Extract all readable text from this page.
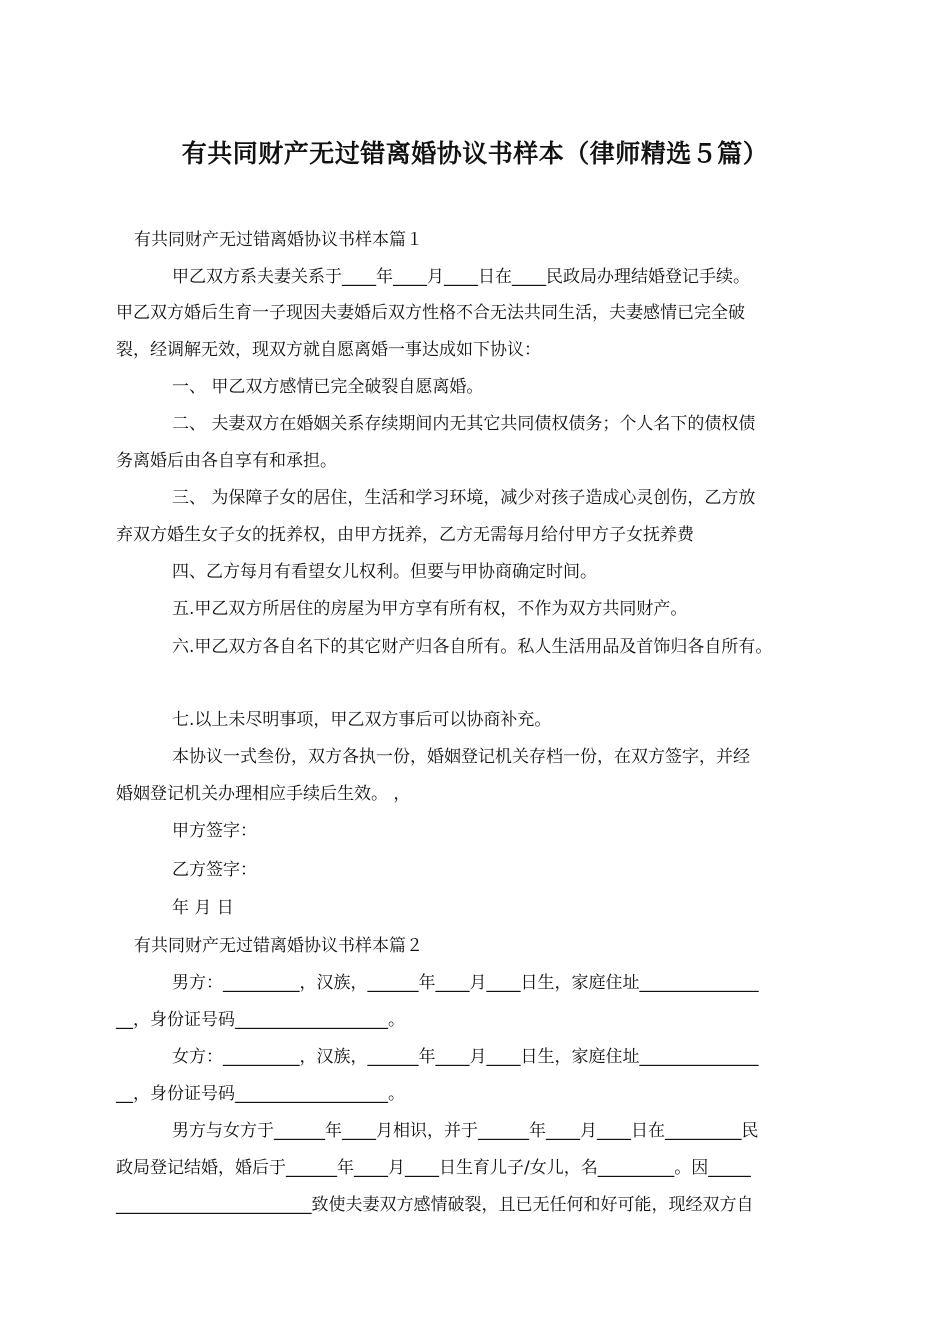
有共同财产无过错离婚协议书样本（律师精选５篇）
有共同财产无过错离婚协议书样本篇１
甲乙双方系夫妻关系于____年____月____日在____民政局办理结婚登记手续。
甲乙双方婚后生育一子现因夫妻婚后双方性格不合无法共同生活，夫妻感情已完全破
裂，经调解无效，现双方就自愿离婚一事达成如下协议：
一、 甲乙双方感情已完全破裂自愿离婚。
二、 夫妻双方在婚姻关系存续期间内无其它共同债权债务；个人名下的债权债
务离婚后由各自享有和承担。
三、 为保障子女的居住，生活和学习环境，减少对孩子造成心灵创伤，乙方放
弃双方婚生女子女的抚养权，由甲方抚养，乙方无需每月给付甲方子女抚养费
四、乙方每月有看望女儿权利。但要与甲协商确定时间。
五.甲乙双方所居住的房屋为甲方享有所有权，不作为双方共同财产。
六.甲乙双方各自名下的其它财产归各自所有。私人生活用品及首饰归各自所有。
七.以上未尽明事项，甲乙双方事后可以协商补充。
本协议一式叁份，双方各执一份，婚姻登记机关存档一份，在双方签字，并经
婚姻登记机关办理相应手续后生效。 ，
甲方签字：
乙方签字：
年 月 日
有共同财产无过错离婚协议书样本篇２
男方：_________，汉族，______年____月____日生，家庭住址______________
__，身份证号码__________________。
女方：_________，汉族，______年____月____日生，家庭住址______________
__，身份证号码__________________。
男方与女方于______年____月相识，并于______年____月____日在_________民
政局登记结婚，婚后于______年____月____日生育儿子/女儿，名_________。因_____
_______________________致使夫妻双方感情破裂，且已无任何和好可能，现经双方自
